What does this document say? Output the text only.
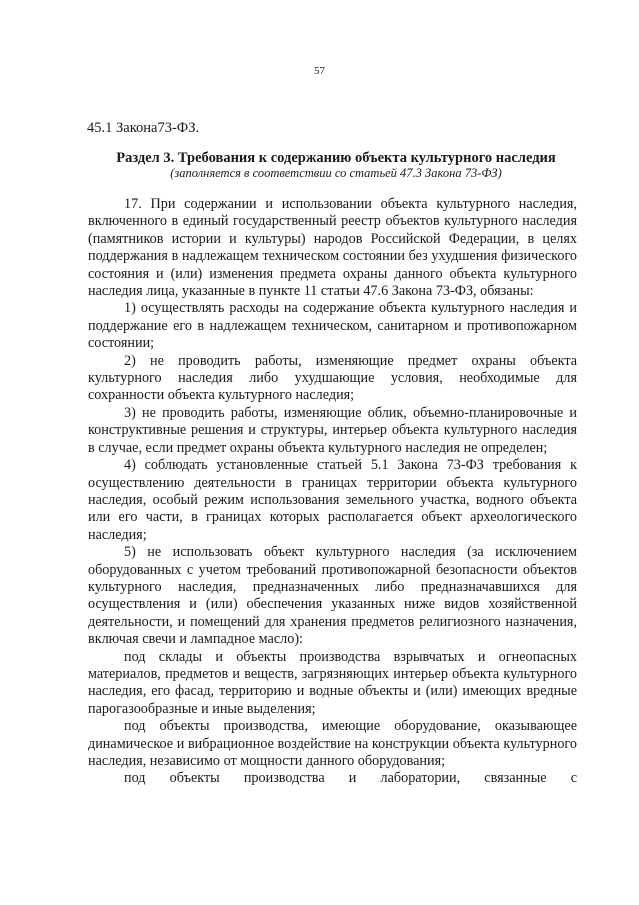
57
45.1 Закона73-ФЗ.
Раздел 3. Требования к содержанию объекта культурного наследия
(заполняется в соответствии со статьей 47.3 Закона 73-ФЗ)

17. При содержании и использовании объекта культурного наследия, включенного в единый государственный реестр объектов культурного наследия (памятников истории и культуры) народов Российской Федерации, в целях поддержания в надлежащем техническом состоянии без ухудшения физического состояния и (или) изменения предмета охраны данного объекта культурного наследия лица, указанные в пункте 11 статьи 47.6 Закона 73-ФЗ, обязаны:

1) осуществлять расходы на содержание объекта культурного наследия и поддержание его в надлежащем техническом, санитарном и противопожарном состоянии;

2) не проводить работы, изменяющие предмет охраны объекта культурного наследия либо ухудшающие условия, необходимые для сохранности объекта культурного наследия;

3) не проводить работы, изменяющие облик, объемно-планировочные и конструктивные решения и структуры, интерьер объекта культурного наследия в случае, если предмет охраны объекта культурного наследия не определен;

4) соблюдать установленные статьей 5.1 Закона 73-ФЗ требования к осуществлению деятельности в границах территории объекта культурного наследия, особый режим использования земельного участка, водного объекта или его части, в границах которых располагается объект археологического наследия;

5) не использовать объект культурного наследия (за исключением оборудованных с учетом требований противопожарной безопасности объектов культурного наследия, предназначенных либо предназначавшихся для осуществления и (или) обеспечения указанных ниже видов хозяйственной деятельности, и помещений для хранения предметов религиозного назначения, включая свечи и лампадное масло):

под склады и объекты производства взрывчатых и огнеопасных материалов, предметов и веществ, загрязняющих интерьер объекта культурного наследия, его фасад, территорию и водные объекты и (или) имеющих вредные парогазообразные и иные выделения;

под объекты производства, имеющие оборудование, оказывающее динамическое и вибрационное воздействие на конструкции объекта культурного наследия, независимо от мощности данного оборудования;

под объекты производства и лаборатории, связанные с
